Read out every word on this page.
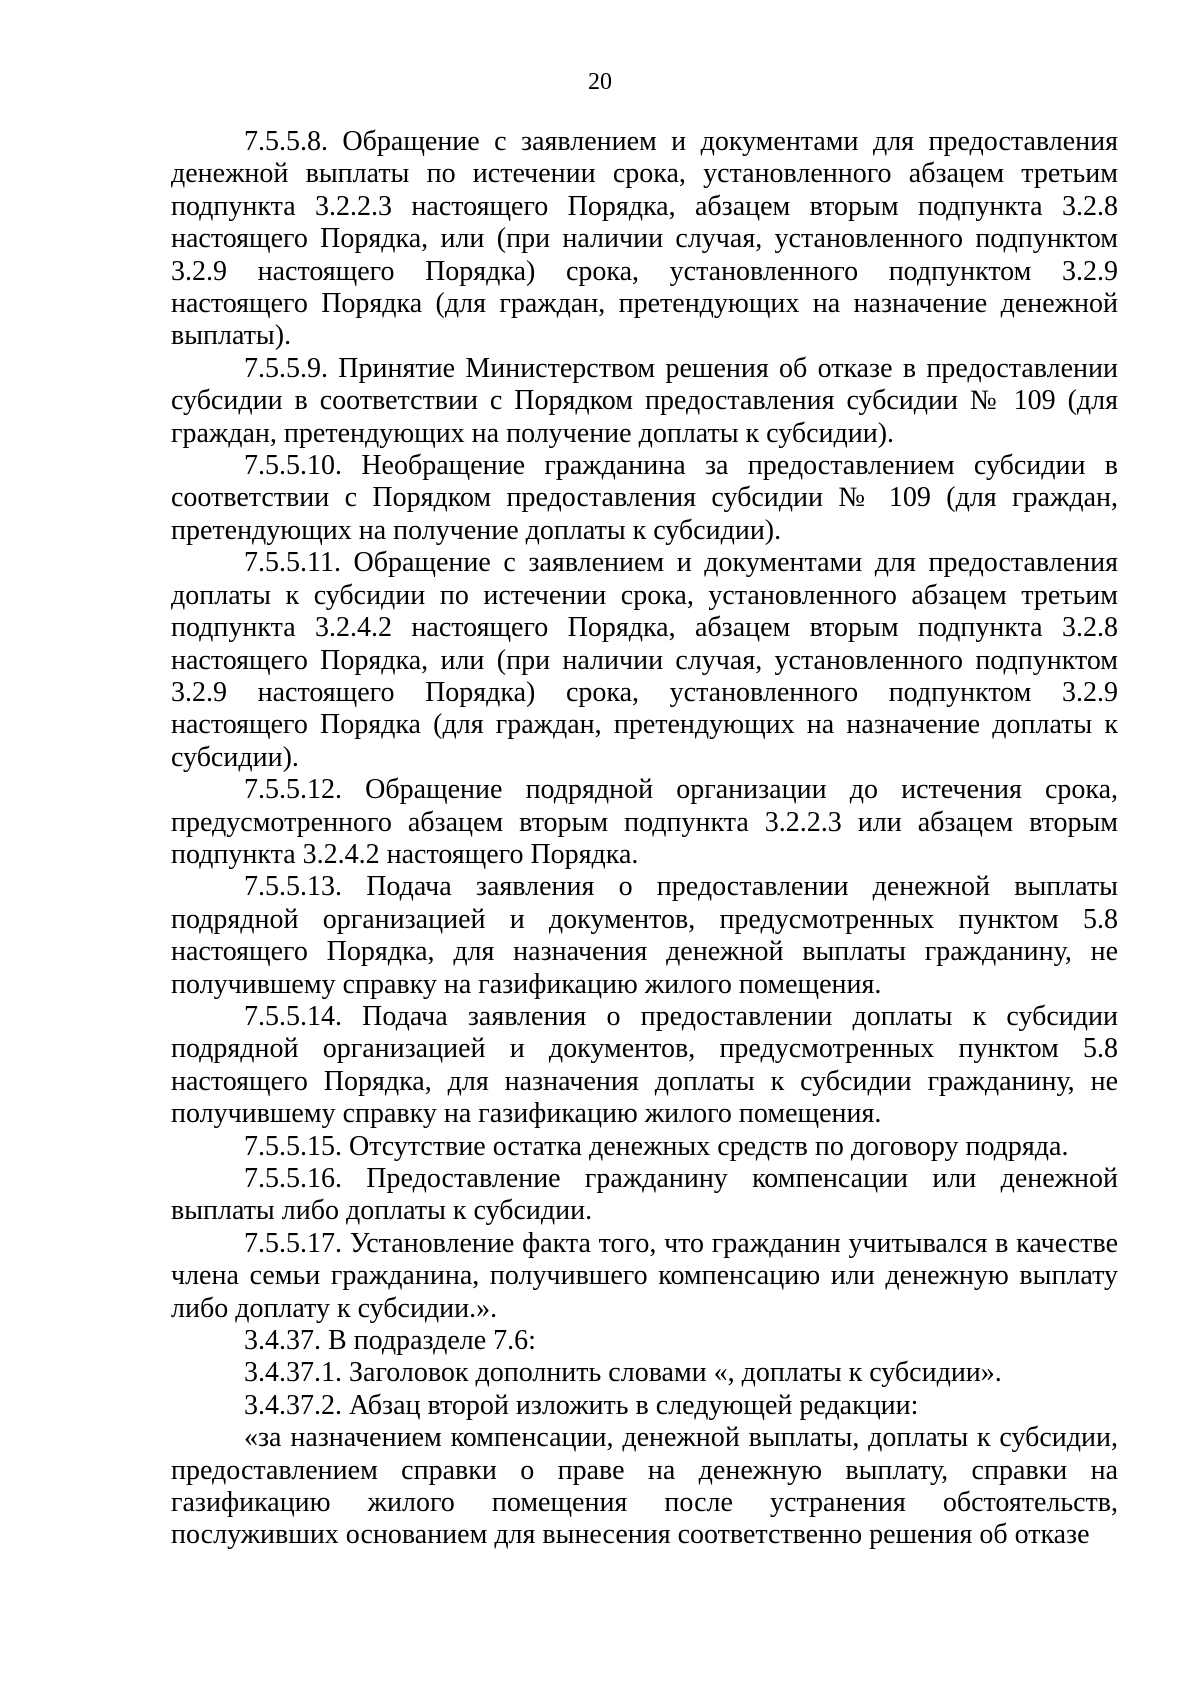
20

7.5.5.8. Обращение с заявлением и документами для предоставления денежной выплаты по истечении срока, установленного абзацем третьим подпункта 3.2.2.3 настоящего Порядка, абзацем вторым подпункта 3.2.8 настоящего Порядка, или (при наличии случая, установленного подпунктом 3.2.9 настоящего Порядка) срока, установленного подпунктом 3.2.9 настоящего Порядка (для граждан, претендующих на назначение денежной выплаты).

7.5.5.9. Принятие Министерством решения об отказе в предоставлении субсидии в соответствии с Порядком предоставления субсидии № 109 (для граждан, претендующих на получение доплаты к субсидии).

7.5.5.10. Необращение гражданина за предоставлением субсидии в соответствии с Порядком предоставления субсидии № 109 (для граждан, претендующих на получение доплаты к субсидии).

7.5.5.11. Обращение с заявлением и документами для предоставления доплаты к субсидии по истечении срока, установленного абзацем третьим подпункта 3.2.4.2 настоящего Порядка, абзацем вторым подпункта 3.2.8 настоящего Порядка, или (при наличии случая, установленного подпунктом 3.2.9 настоящего Порядка) срока, установленного подпунктом 3.2.9 настоящего Порядка (для граждан, претендующих на назначение доплаты к субсидии).

7.5.5.12. Обращение подрядной организации до истечения срока, предусмотренного абзацем вторым подпункта 3.2.2.3 или абзацем вторым подпункта 3.2.4.2 настоящего Порядка.

7.5.5.13. Подача заявления о предоставлении денежной выплаты подрядной организацией и документов, предусмотренных пунктом 5.8 настоящего Порядка, для назначения денежной выплаты гражданину, не получившему справку на газификацию жилого помещения.

7.5.5.14. Подача заявления о предоставлении доплаты к субсидии подрядной организацией и документов, предусмотренных пунктом 5.8 настоящего Порядка, для назначения доплаты к субсидии гражданину, не получившему справку на газификацию жилого помещения.

7.5.5.15. Отсутствие остатка денежных средств по договору подряда.

7.5.5.16. Предоставление гражданину компенсации или денежной выплаты либо доплаты к субсидии.

7.5.5.17. Установление факта того, что гражданин учитывался в качестве члена семьи гражданина, получившего компенсацию или денежную выплату либо доплату к субсидии.».

3.4.37. В подразделе 7.6:

3.4.37.1. Заголовок дополнить словами «, доплаты к субсидии».

3.4.37.2. Абзац второй изложить в следующей редакции:

«за назначением компенсации, денежной выплаты, доплаты к субсидии, предоставлением справки о праве на денежную выплату, справки на газификацию жилого помещения после устранения обстоятельств, послуживших основанием для вынесения соответственно решения об отказе
